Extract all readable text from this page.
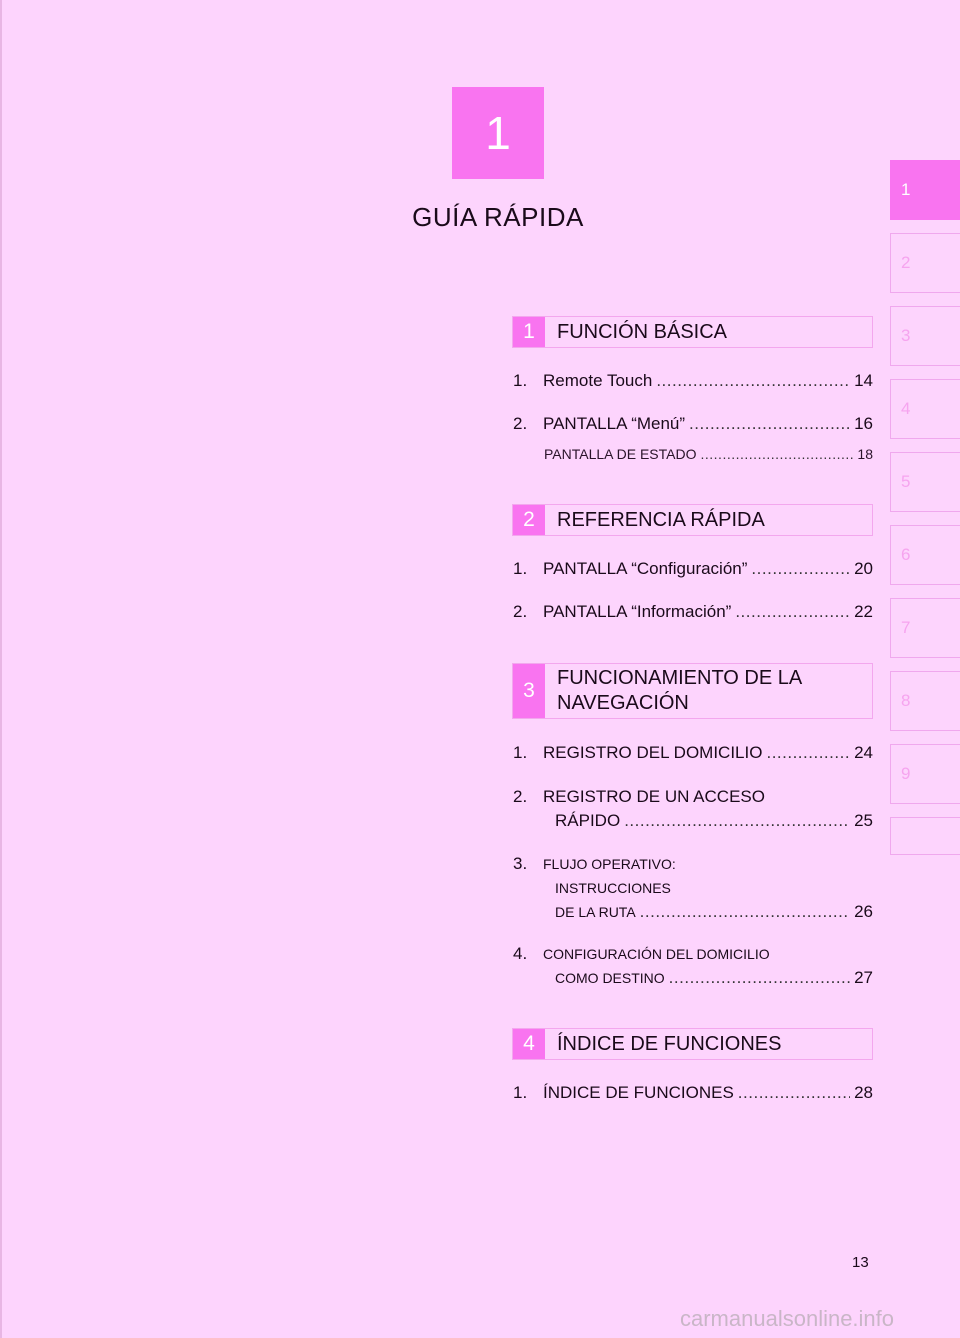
1
GUÍA RÁPIDA
1
2
3
4
5
6
7
8
9
1	FUNCIÓN BÁSICA
1. Remote Touch .....	14
2. PANTALLA “Menú” .....	16
PANTALLA DE ESTADO .....	18
2	REFERENCIA RÁPIDA
1. PANTALLA “Configuración” .....	20
2. PANTALLA “Información” .....	22
3
FUNCIONAMIENTO DE LA
NAVEGACIÓN
1. REGISTRO DEL DOMICILIO .....	24
2. REGISTRO DE UN ACCESO
RÁPIDO .....	25
3.	FLUJO OPERATIVO:
INSTRUCCIONES
DE LA RUTA .....	26
4.	CONFIGURACIÓN DEL DOMICILIO
COMO DESTINO .....	27
4	ÍNDICE DE FUNCIONES
1. ÍNDICE DE FUNCIONES .....	28
13
carmanualsonline.info
